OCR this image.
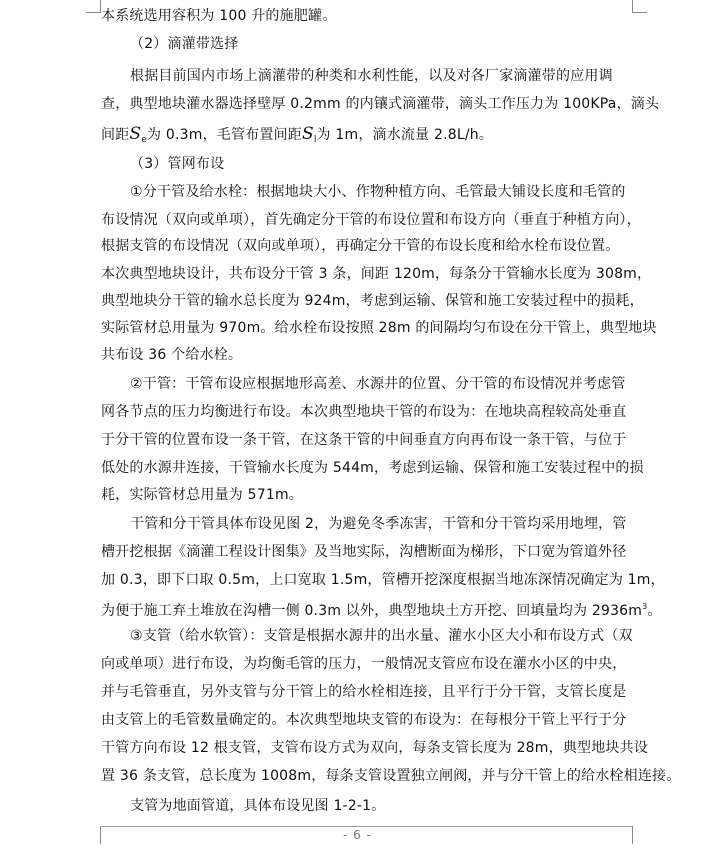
本系统选用容积为 100 升的施肥罐。
（2）滴灌带选择
根据目前国内市场上滴灌带的种类和水利性能，以及对各厂家滴灌带的应用调
查，典型地块灌水器选择壁厚 0.2mm 的内镶式滴灌带，滴头工作压力为 100KPa，滴头
间距$S_e$为 0.3m，毛管布置间距$S_l$为 1m，滴水流量 2.8L/h。
（3）管网布设
①分干管及给水栓：根据地块大小、作物种植方向、毛管最大铺设长度和毛管的
布设情况（双向或单项），首先确定分干管的布设位置和布设方向（垂直于种植方向），
根据支管的布设情况（双向或单项），再确定分干管的布设长度和给水栓布设位置。
本次典型地块设计，共布设分干管 3 条，间距 120m，每条分干管输水长度为 308m，
典型地块分干管的输水总长度为 924m，考虑到运输、保管和施工安装过程中的损耗，
实际管材总用量为 970m。给水栓布设按照 28m 的间隔均匀布设在分干管上，典型地块
共布设 36 个给水栓。
②干管：干管布设应根据地形高差、水源井的位置、分干管的布设情况并考虑管
网各节点的压力均衡进行布设。本次典型地块干管的布设为：在地块高程较高处垂直
于分干管的位置布设一条干管，在这条干管的中间垂直方向再布设一条干管，与位于
低处的水源井连接，干管输水长度为 544m，考虑到运输、保管和施工安装过程中的损
耗，实际管材总用量为 571m。
干管和分干管具体布设见图 2，为避免冬季冻害，干管和分干管均采用地埋，管
槽开挖根据《滴灌工程设计图集》及当地实际，沟槽断面为梯形，下口宽为管道外径
加 0.3，即下口取 0.5m，上口宽取 1.5m，管槽开挖深度根据当地冻深情况确定为 1m，
为便于施工弃土堆放在沟槽一侧 0.3m 以外，典型地块土方开挖、回填量均为 $2936m^3$。
③支管（给水软管）：支管是根据水源井的出水量、灌水小区大小和布设方式（双
向或单项）进行布设，为均衡毛管的压力，一般情况支管应布设在灌水小区的中央，
并与毛管垂直，另外支管与分干管上的给水栓相连接，且平行于分干管，支管长度是
由支管上的毛管数量确定的。本次典型地块支管的布设为：在每根分干管上平行于分
干管方向布设 12 根支管，支管布设方式为双向，每条支管长度为 28m，典型地块共设
置 36 条支管，总长度为 1008m，每条支管设置独立闸阀，并与分干管上的给水栓相连接。
支管为地面管道，具体布设见图 1-2-1。
- 6 -
